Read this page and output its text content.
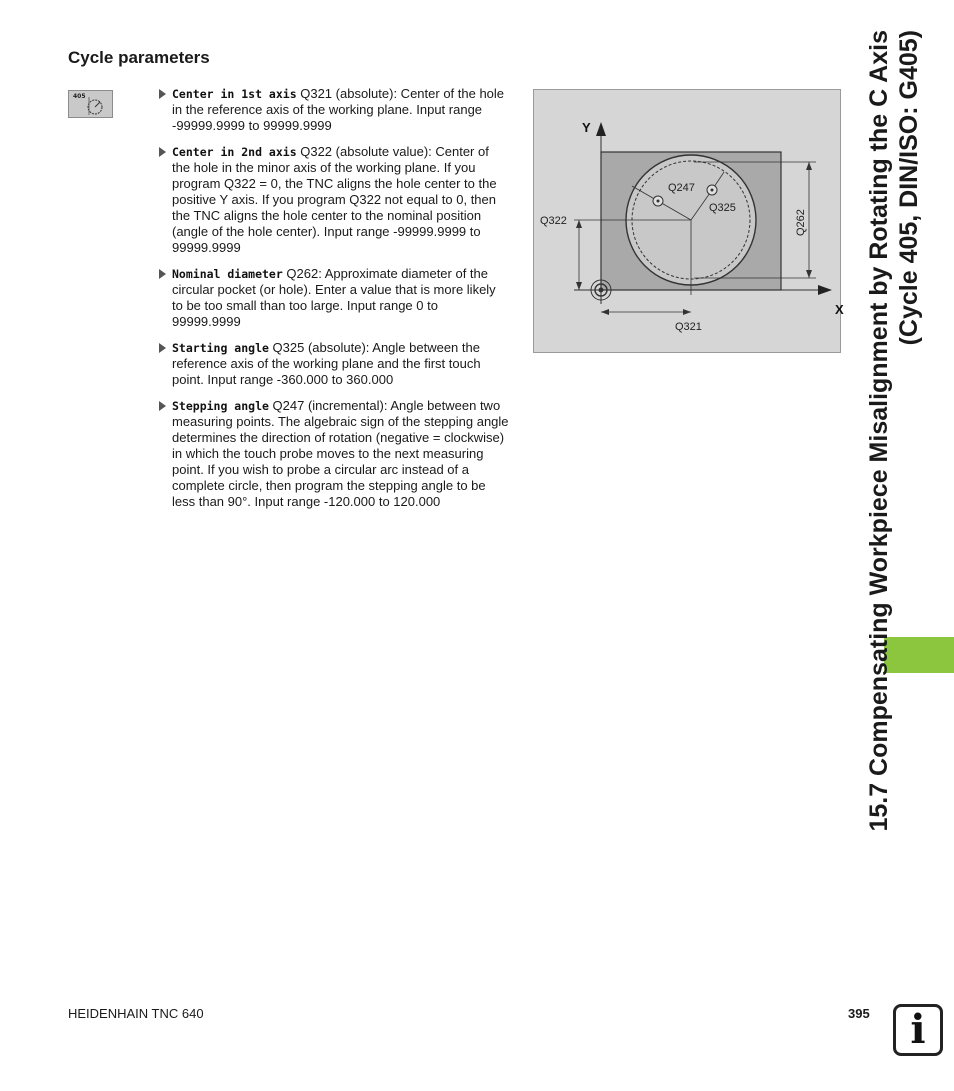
Cycle parameters
405	Center in 1st axis Q321 (absolute): Center of the hole in the reference axis of the working plane. Input range -99999.9999 to 99999.9999
Center in 2nd axis Q322 (absolute value): Center of the hole in the minor axis of the working plane. If you program Q322 = 0, the TNC aligns the hole center to the positive Y axis. If you program Q322 not equal to 0, then the TNC aligns the hole center to the nominal position (angle of the hole center). Input range -99999.9999 to 99999.9999
Nominal diameter Q262: Approximate diameter of the circular pocket (or hole). Enter a value that is more likely to be too small than too large. Input range 0 to 99999.9999
Starting angle Q325 (absolute): Angle between the reference axis of the working plane and the first touch point. Input range -360.000 to 360.000
Stepping angle Q247 (incremental): Angle between two measuring points. The algebraic sign of the stepping angle determines the direction of rotation (negative = clockwise) in which the touch probe moves to the next measuring point. If you wish to probe a circular arc instead of a complete circle, then program the stepping angle to be less than 90°. Input range -120.000 to 120.000
Y
X
Q262
Q322
Q321
Q247
Q325	15.7 Compensating Workpiece Misalignment by Rotating the C Axis (Cycle 405, DIN/ISO: G405)
HEIDENHAIN TNC 640	395	i
